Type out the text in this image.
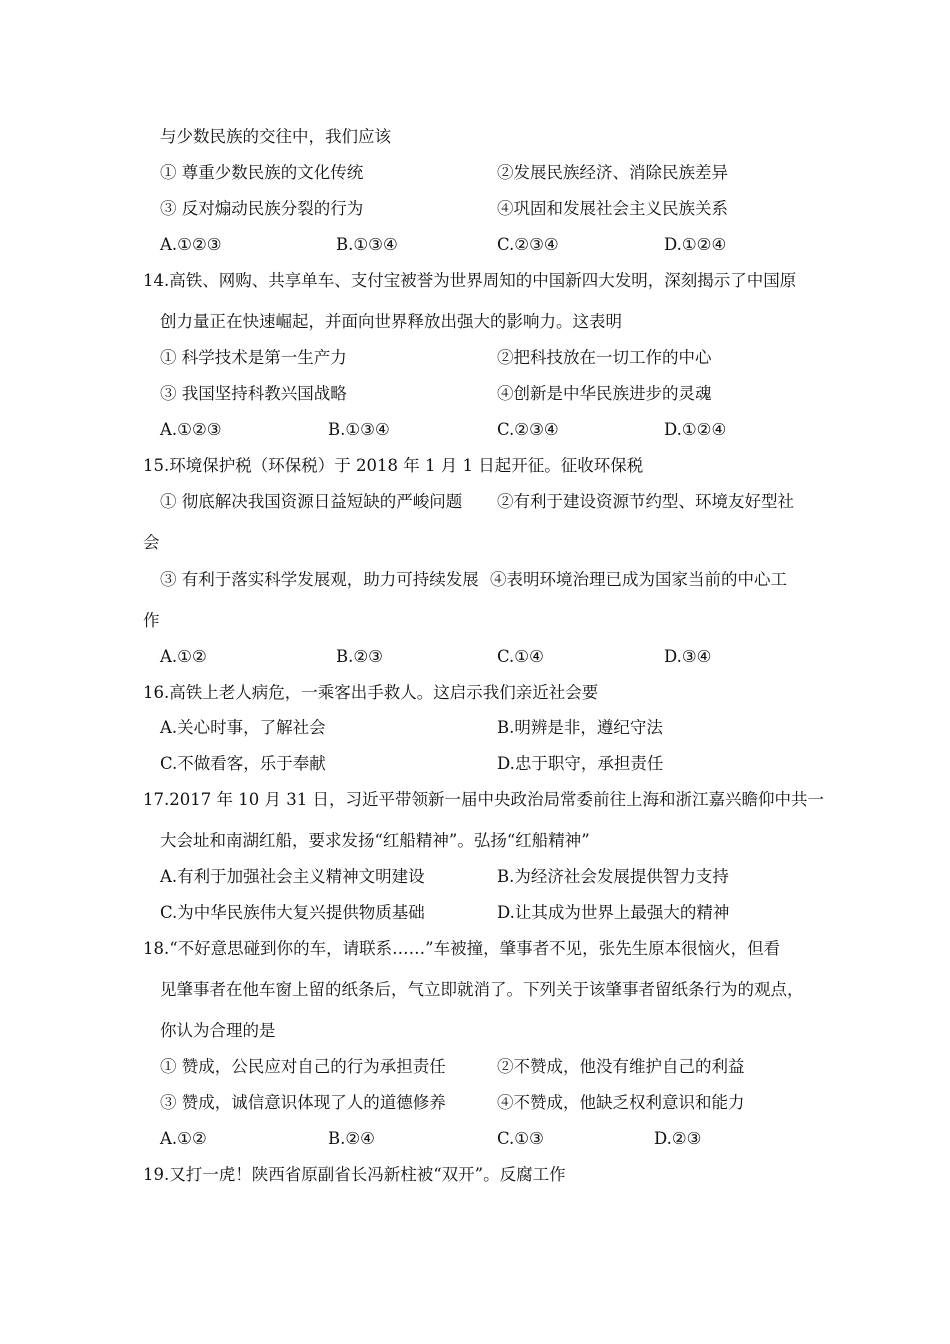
与少数民族的交往中，我们应该
① 尊重少数民族的文化传统	②发展民族经济、消除民族差异
③ 反对煽动民族分裂的行为	④巩固和发展社会主义民族关系
A.①②③	B.①③④	C.②③④	D.①②④
14.高铁、网购、共享单车、支付宝被誉为世界周知的中国新四大发明，深刻揭示了中国原
创力量正在快速崛起，并面向世界释放出强大的影响力。这表明
① 科学技术是第一生产力	②把科技放在一切工作的中心
③ 我国坚持科教兴国战略	④创新是中华民族进步的灵魂
A.①②③	B.①③④	C.②③④	D.①②④
15.环境保护税（环保税）于 2018 年 1 月 1 日起开征。征收环保税
① 彻底解决我国资源日益短缺的严峻问题 ②有利于建设资源节约型、环境友好型社
会
③ 有利于落实科学发展观，助力可持续发展 ④表明环境治理已成为国家当前的中心工
作
A.①②	B.②③	C.①④	D.③④
16.高铁上老人病危，一乘客出手救人。这启示我们亲近社会要
A.关心时事，了解社会	B.明辨是非，遵纪守法
C.不做看客，乐于奉献	D.忠于职守，承担责任
17.2017 年 10 月 31 日，习近平带领新一届中央政治局常委前往上海和浙江嘉兴瞻仰中共一
大会址和南湖红船，要求发扬“红船精神”。弘扬“红船精神”
A.有利于加强社会主义精神文明建设	B.为经济社会发展提供智力支持
C.为中华民族伟大复兴提供物质基础	D.让其成为世界上最强大的精神
18.“不好意思碰到你的车，请联系……”车被撞，肇事者不见，张先生原本很恼火，但看
见肇事者在他车窗上留的纸条后，气立即就消了。下列关于该肇事者留纸条行为的观点，
你认为合理的是
① 赞成，公民应对自己的行为承担责任	②不赞成，他没有维护自己的利益
③ 赞成，诚信意识体现了人的道德修养	④不赞成，他缺乏权利意识和能力
A.①②	B.②④	C.①③	D.②③
19.又打一虎！陕西省原副省长冯新柱被“双开”。反腐工作
